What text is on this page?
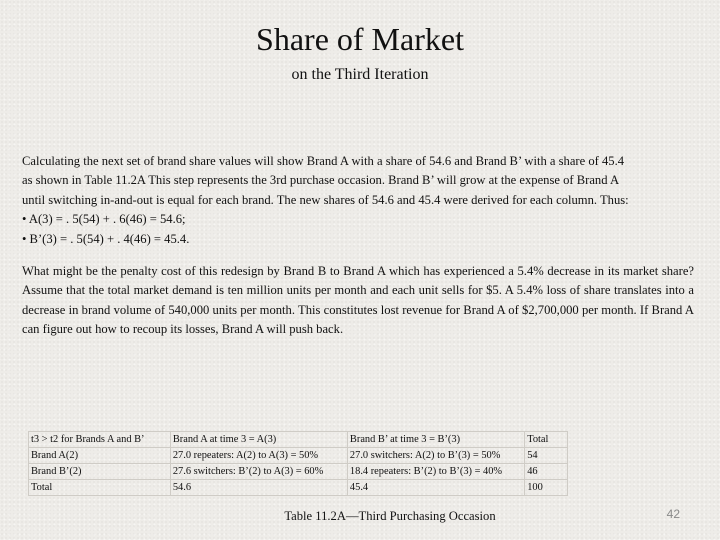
Share of Market
on the Third Iteration
Calculating the next set of brand share values will show Brand A with a share of 54.6 and Brand B’ with a share of 45.4
as shown in Table 11.2A This step represents the 3rd purchase occasion. Brand B’ will grow at the expense of Brand A
until switching in-and-out is equal for each brand. The new shares of 54.6 and 45.4 were derived for each column. Thus:
• A(3) = . 5(54) + . 6(46) = 54.6;
• B’(3) = . 5(54) + . 4(46) = 45.4.
What might be the penalty cost of this redesign by Brand B to Brand A which has experienced a 5.4% decrease in its market share? Assume that the total market demand is ten million units per month and each unit sells for $5. A 5.4% loss of share translates into a decrease in brand volume of 540,000 units per month. This constitutes lost revenue for Brand A of $2,700,000 per month. If Brand A can figure out how to recoup its losses, Brand A will push back.
t3 > t2 for Brands A and B’	Brand A at time 3 = A(3)	Brand B’ at time 3 = B’(3)	Total
Brand A(2)	27.0 repeaters: A(2) to A(3) = 50%	27.0 switchers: A(2) to B’(3) = 50%	54
Brand B’(2)	27.6 switchers: B’(2) to A(3) = 60%	18.4 repeaters: B’(2) to B’(3) = 40%	46
Total	54.6	45.4	100
Table 11.2A—Third Purchasing Occasion	42
